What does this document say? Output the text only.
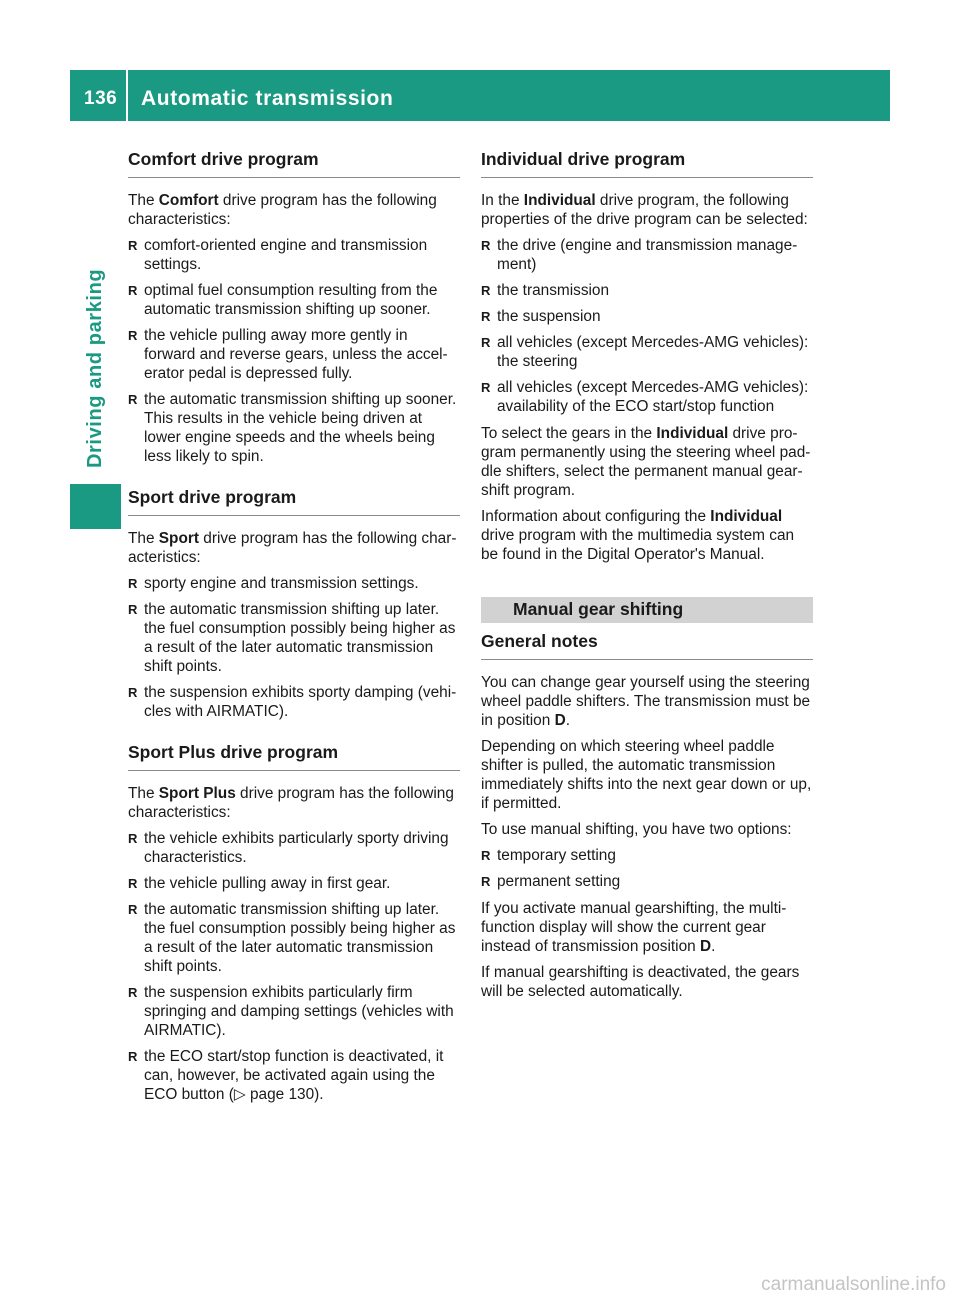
136 Automatic transmission
Driving and parking
Comfort drive program

The Comfort drive program has the following characteristics:

R comfort-oriented engine and transmission settings.
R optimal fuel consumption resulting from the automatic transmission shifting up sooner.
R the vehicle pulling away more gently in forward and reverse gears, unless the accel-erator pedal is depressed fully.
R the automatic transmission shifting up sooner. This results in the vehicle being driven at lower engine speeds and the wheels being less likely to spin.
Sport drive program

The Sport drive program has the following char-acteristics:

R sporty engine and transmission settings.
R the automatic transmission shifting up later. the fuel consumption possibly being higher as a result of the later automatic transmission shift points.
R the suspension exhibits sporty damping (vehi-cles with AIRMATIC).
Sport Plus drive program

The Sport Plus drive program has the following characteristics:

R the vehicle exhibits particularly sporty driving characteristics.
R the vehicle pulling away in first gear.
R the automatic transmission shifting up later. the fuel consumption possibly being higher as a result of the later automatic transmission shift points.
R the suspension exhibits particularly firm springing and damping settings (vehicles with AIRMATIC).
R the ECO start/stop function is deactivated, it can, however, be activated again using the ECO button (▷ page 130).
Individual drive program

In the Individual drive program, the following properties of the drive program can be selected:

R the drive (engine and transmission manage-ment)
R the transmission
R the suspension
R all vehicles (except Mercedes-AMG vehicles): the steering
R all vehicles (except Mercedes-AMG vehicles): availability of the ECO start/stop function

To select the gears in the Individual drive pro-gram permanently using the steering wheel pad-dle shifters, select the permanent manual gear-shift program.

Information about configuring the Individual drive program with the multimedia system can be found in the Digital Operator's Manual.

Manual gear shifting
General notes

You can change gear yourself using the steering wheel paddle shifters. The transmission must be in position D.

Depending on which steering wheel paddle shifter is pulled, the automatic transmission immediately shifts into the next gear down or up, if permitted.

To use manual shifting, you have two options:

R temporary setting
R permanent setting

If you activate manual gearshifting, the multi-function display will show the current gear instead of transmission position D.

If manual gearshifting is deactivated, the gears will be selected automatically.

carmanualsonline.info
